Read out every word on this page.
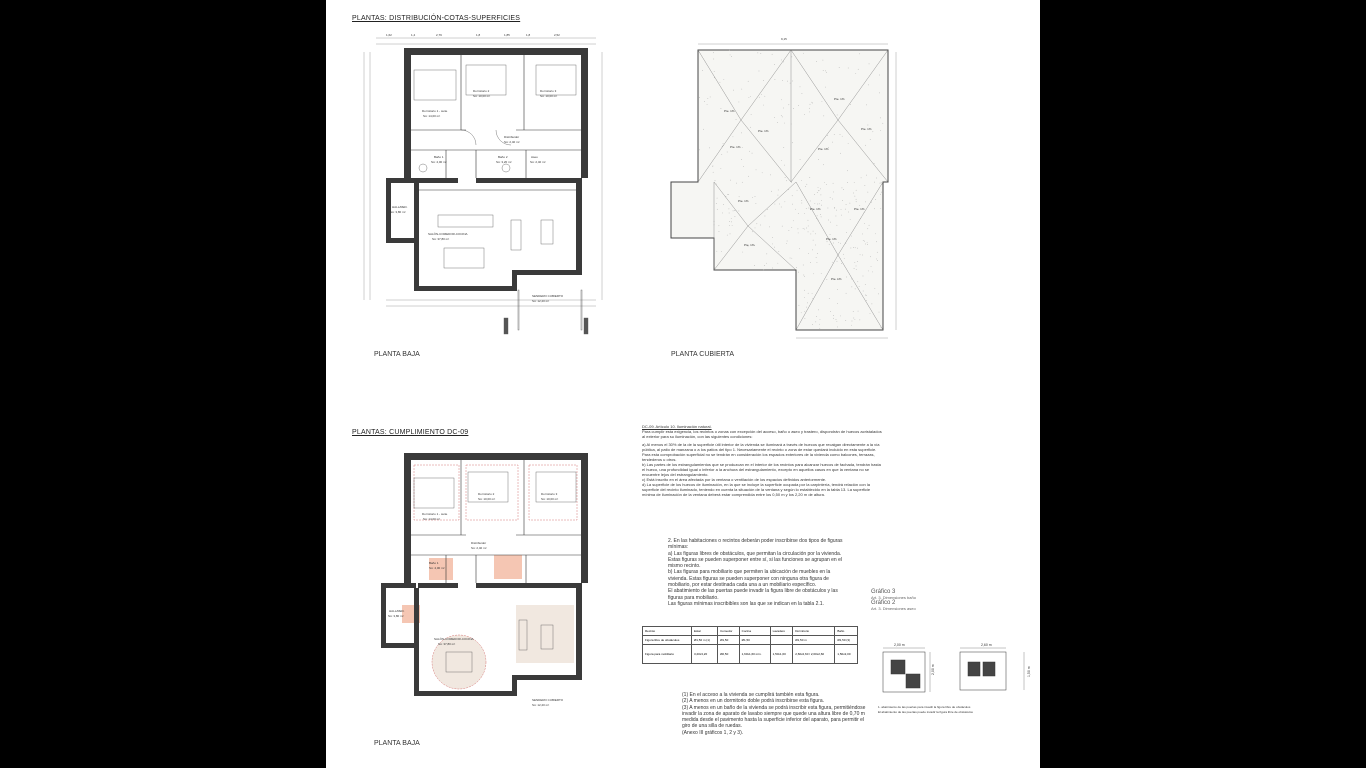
PLANTAS: DISTRIBUCIÓN-COTAS-SUPERFICIES
PLANTAS: CUMPLIMIENTO DC-09
PLANTA BAJA	PLANTA CUBIERTA
PLANTA BAJA
Dormitorio 1 - suite
Sú: 14,00 m²
Dormitorio 2
Sú: 10,00 m²
Dormitorio 3
Sú: 10,00 m²
Distribuidor
Sú: 2,40 m²
Baño 1
Sú: 4,00 m²
Baño 2
Sú: 3,20 m²
Aseo
Sú: 2,40 m²
HALL/RED.
Sú: 3,80 m²
SALÓN-COMEDOR-COCINA
Sú: 37,80 m²
SENDERO CUBIERTO
Sú: 12,20 m²
1,62	1,4	2,79	1,8	1,85	1,8	2,52
Pte. 1%
Pte. 1%
Pte. 1%
Pte. 1%
Pte. 1%	Pte. 1%
Pte. 1%
Pte. 1%
Pte. 1%	Pte. 1%
Pte. 1%
Pte. 1%
9,15
Dormitorio 1 - suite
Sú: 14,00 m²
Dormitorio 2
Sú: 10,00 m²
Dormitorio 3
Sú: 10,00 m²
Distribuidor
Sú: 2,40 m²
Baño 1
Sú: 4,00 m²
HALL/RED.
Sú: 3,80 m²
SALÓN-COMEDOR-COCINA
Sú: 37,80 m²
SENDERO CUBIERTO
Sú: 12,20 m²
DC-09. Artículo 10. Iluminación natural.
Para cumplir esta exigencia, los recintos o zonas con excepción del acceso, baño o aseo y trastero, dispondrán de huecos acristalados al exterior para su iluminación, con las siguientes condiciones:
a) Al menos el 30% de la de la superficie útil interior de la vivienda se iluminará a través de huecos que recaigan directamente a la vía pública, al patio de manzana o a los patios del tipo 1. Necesariamente el recinto o zona de estar quedará incluido en esta superficie. Para esta comprobación superficial no se tendrán en consideración los espacios exteriores de la vivienda como balcones, terrazas, tendederos u otros.
b) Las partes de los estrangulamientos que se produzcan en el interior de los recintos para alcanzar huecos de fachada, tendrán hasta el hueco, una profundidad igual o inferior a la anchura del estrangulamiento, excepto en aquellos casos en que la ventana no se encuentre lejos del estrangulamiento.
c) Está inscrito en el área afectada por la ventana o ventilación de los espacios definidos anteriormente.
d) La superficie de los huecos de iluminación, en la que se incluye la superficie ocupada por la carpintería, tendrá relación con la superficie del recinto iluminado, teniendo en cuenta la situación de la ventana y según lo establecido en la tabla 13. La superficie mínima de iluminación de la ventana deberá estar comprendida entre los 0,50 m y los 2,20 m de altura.
2. En las habitaciones o recintos deberán poder inscribirse dos tipos de figuras mínimas:
a) Las figuras libres de obstáculos, que permitan la circulación por la vivienda. Estas figuras se pueden superponer entre sí, si las funciones se agrupan en el mismo recinto.
b) Las figuras para mobiliario que permiten la ubicación de muebles en la vivienda. Estas figuras se pueden superponer con ninguna otra figura de mobiliario, por estar destinada cada una a un mobiliario específico.
El abatimiento de las puertas puede invadir la figura libre de obstáculos y las figuras para mobiliario.
Las figuras mínimas inscribibles son las que se indican en la tabla 2.1.
Gráfico 3
Art. 3. Dimensiones baño
Gráfico 2
Art. 3. Dimensiones aseo
Recinto	Estar	Comedor	Cocina	Lavadero	Dormitorio	Baño
Figura libre de obstáculos	Ø1,50 m (1)	Ø1,50	Ø1,50		Ø1,50 m	Ø1,50 (3)
Figura para mobiliario	3,20x3,20	Ø2,50	1,60x1,60 mín.	1,50x1,60	2,60x2,60 / 2,00x2,60	1,50x2,00
(1) En el acceso a la vivienda se cumplirá también esta figura.
(2) A menos en un dormitorio doble podrá inscribirse esta figura.
(3) A menos en un baño de la vivienda se podrá inscribir esta figura, permitiéndose invadir la zona de aparato de lavabo siempre que quede una altura libre de 0,70 m medida desde el pavimento hasta la superficie inferior del aparato, para permitir el giro de una silla de ruedas.
(Anexo III gráficos 1, 2 y 3).
2,00 m	2,60 m
2,00 m	1,50 m
1. abatimiento de las puertas para invadir la figura libre de obstáculos
El abatimiento de las puertas puede invadir la figura libre de obstáculos
